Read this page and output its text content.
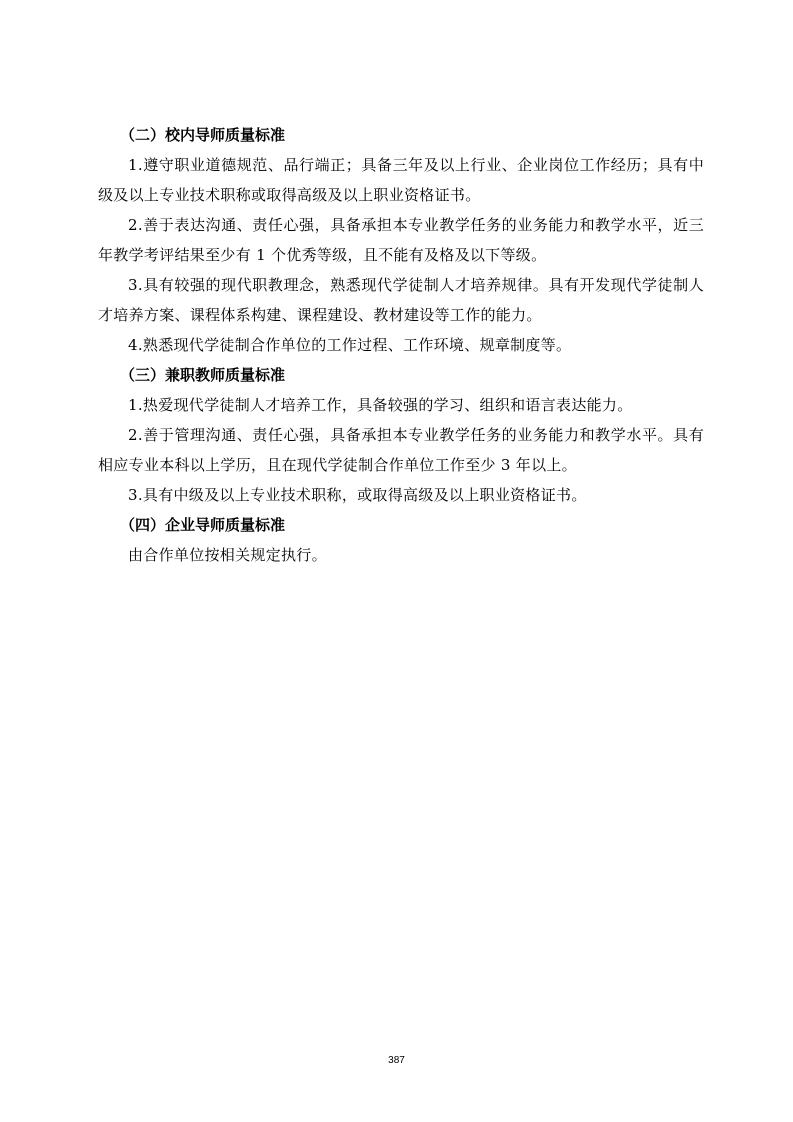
（二）校内导师质量标准

1.遵守职业道德规范、品行端正；具备三年及以上行业、企业岗位工作经历；具有中级及以上专业技术职称或取得高级及以上职业资格证书。

2.善于表达沟通、责任心强，具备承担本专业教学任务的业务能力和教学水平，近三年教学考评结果至少有 1 个优秀等级，且不能有及格及以下等级。

3.具有较强的现代职教理念，熟悉现代学徒制人才培养规律。具有开发现代学徒制人才培养方案、课程体系构建、课程建设、教材建设等工作的能力。

4.熟悉现代学徒制合作单位的工作过程、工作环境、规章制度等。

（三）兼职教师质量标准

1.热爱现代学徒制人才培养工作，具备较强的学习、组织和语言表达能力。

2.善于管理沟通、责任心强，具备承担本专业教学任务的业务能力和教学水平。具有相应专业本科以上学历，且在现代学徒制合作单位工作至少 3 年以上。

3.具有中级及以上专业技术职称，或取得高级及以上职业资格证书。

（四）企业导师质量标准

由合作单位按相关规定执行。

387
